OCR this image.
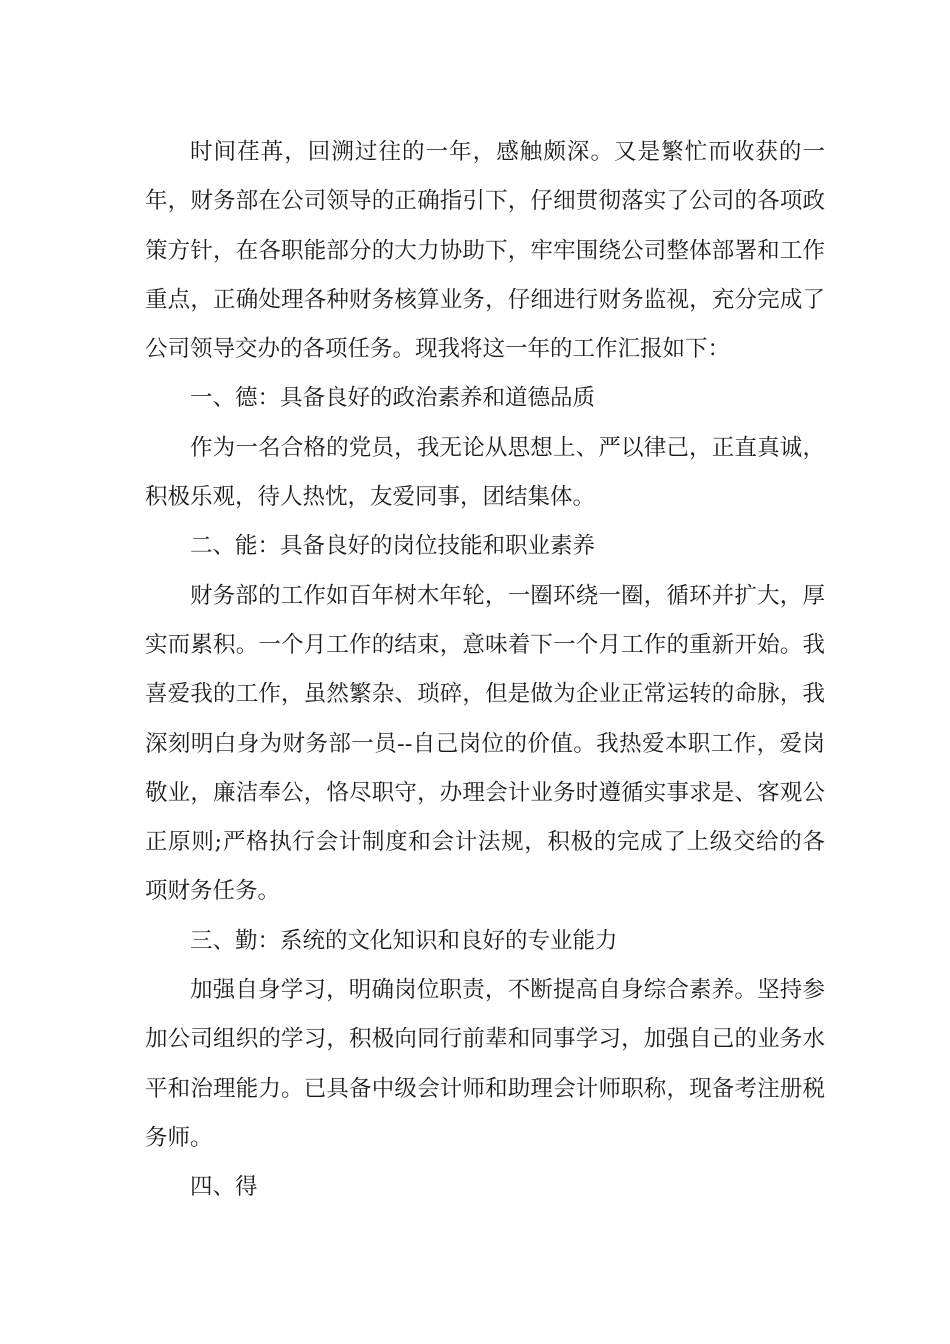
时间荏苒，回溯过往的一年，感触颇深。又是繁忙而收获的一年，财务部在公司领导的正确指引下，仔细贯彻落实了公司的各项政策方针，在各职能部分的大力协助下，牢牢围绕公司整体部署和工作重点，正确处理各种财务核算业务，仔细进行财务监视，充分完成了公司领导交办的各项任务。现我将这一年的工作汇报如下：

一、德：具备良好的政治素养和道德品质

作为一名合格的党员，我无论从思想上、严以律己，正直真诚，积极乐观，待人热忱，友爱同事，团结集体。

二、能：具备良好的岗位技能和职业素养

财务部的工作如百年树木年轮，一圈环绕一圈，循环并扩大，厚实而累积。一个月工作的结束，意味着下一个月工作的重新开始。我喜爱我的工作，虽然繁杂、琐碎，但是做为企业正常运转的命脉，我深刻明白身为财务部一员--自己岗位的价值。我热爱本职工作，爱岗敬业，廉洁奉公，恪尽职守，办理会计业务时遵循实事求是、客观公正原则;严格执行会计制度和会计法规，积极的完成了上级交给的各项财务任务。

三、勤：系统的文化知识和良好的专业能力

加强自身学习，明确岗位职责，不断提高自身综合素养。坚持参加公司组织的学习，积极向同行前辈和同事学习，加强自己的业务水平和治理能力。已具备中级会计师和助理会计师职称，现备考注册税务师。

四、得
